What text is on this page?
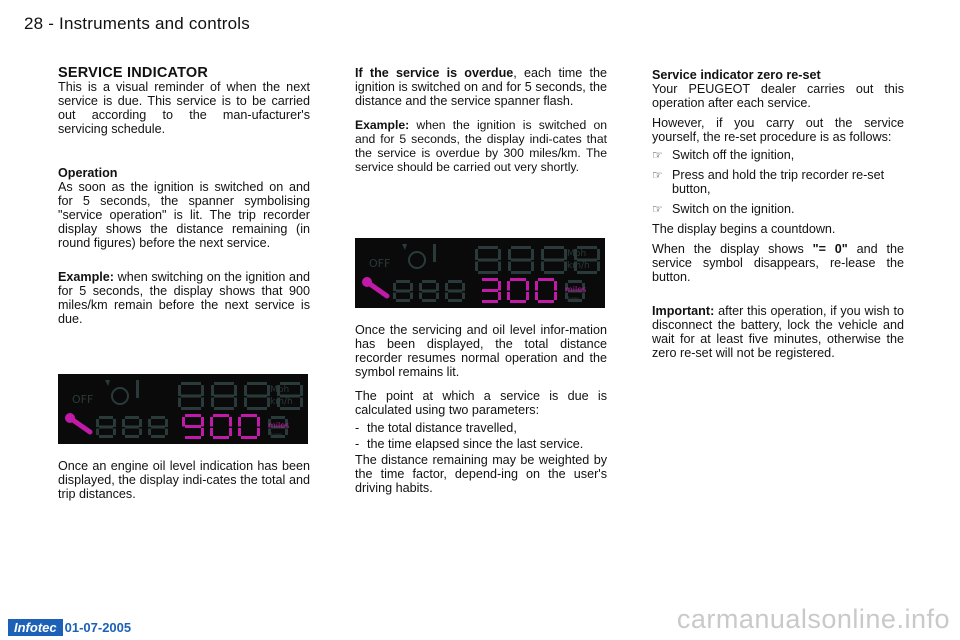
28 - Instruments and controls

SERVICE INDICATOR

This is a visual reminder of when the next service is due. This service is to be carried out according to the man-ufacturer's servicing schedule.

Operation

As soon as the ignition is switched on and for 5 seconds, the spanner symbolising "service operation" is lit. The trip recorder display shows the distance remaining (in round figures) before the next service.

Example: when switching on the ignition and for 5 seconds, the display shows that 900 miles/km remain before the next service is due.

OFF
Mph
km/h
miles
km

Once an engine oil level indication has been displayed, the display indi-cates the total and trip distances.

If the service is overdue, each time the ignition is switched on and for 5 seconds, the distance and the service spanner flash.

Example: when the ignition is switched on and for 5 seconds, the display indi-cates that the service is overdue by 300 miles/km. The service should be carried out very shortly.

OFF
Mph
km/h
miles
km

Once the servicing and oil level infor-mation has been displayed, the total distance recorder resumes normal operation and the symbol remains lit.

The point at which a service is due is calculated using two parameters:

- the total distance travelled,
- the time elapsed since the last service.

The distance remaining may be weighted by the time factor, depend-ing on the user's driving habits.

Service indicator zero re-set

Your PEUGEOT dealer carries out this operation after each service.

However, if you carry out the service yourself, the re-set procedure is as follows:

☞ Switch off the ignition,
☞ Press and hold the trip recorder re-set button,
☞ Switch on the ignition.

The display begins a countdown.

When the display shows "= 0" and the service symbol disappears, re-lease the button.

Important: after this operation, if you wish to disconnect the battery, lock the vehicle and wait for at least five minutes, otherwise the zero re-set will not be registered.

Infotec 01-07-2005	carmanualsonline.info
